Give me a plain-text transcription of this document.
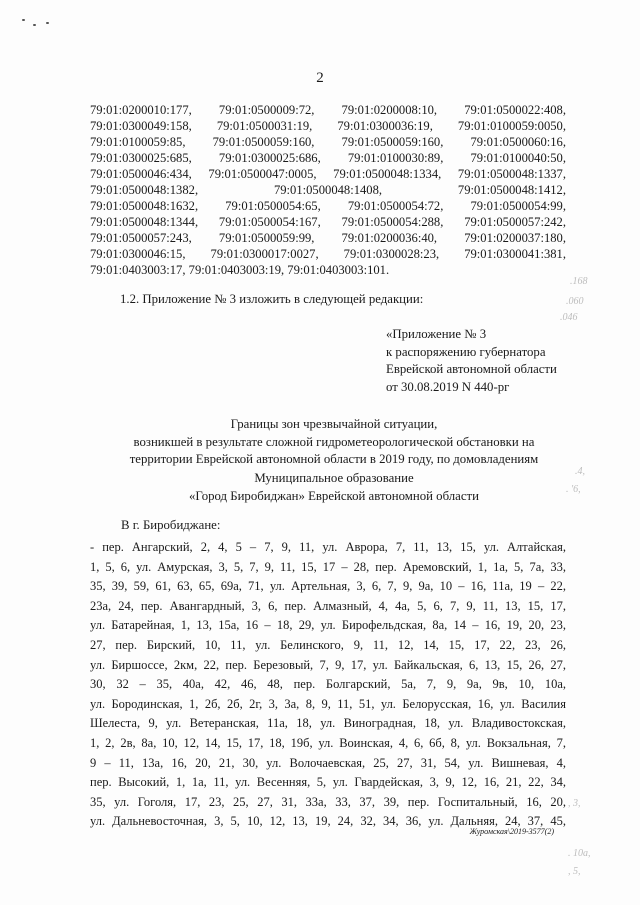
2
79:01:0200010:177, 79:01:0500009:72, 79:01:0200008:10, 79:01:0500022:408,
79:01:0300049:158, 79:01:0500031:19, 79:01:0300036:19, 79:01:0100059:0050,
79:01:0100059:85, 79:01:0500059:160, 79:01:0500059:160, 79:01:0500060:16,
79:01:0300025:685, 79:01:0300025:686, 79:01:0100030:89, 79:01:0100040:50,
79:01:0500046:434, 79:01:0500047:0005, 79:01:0500048:1334, 79:01:0500048:1337,
79:01:0500048:1382, 79:01:0500048:1408, 79:01:0500048:1412,
79:01:0500048:1632, 79:01:0500054:65, 79:01:0500054:72, 79:01:0500054:99,
79:01:0500048:1344, 79:01:0500054:167, 79:01:0500054:288, 79:01:0500057:242,
79:01:0500057:243, 79:01:0500059:99, 79:01:0200036:40, 79:01:0200037:180,
79:01:0300046:15, 79:01:0300017:0027, 79:01:0300028:23, 79:01:0300041:381,
79:01:0403003:17, 79:01:0403003:19, 79:01:0403003:101.
1.2. Приложение № 3 изложить в следующей редакции:
«Приложение № 3
к распоряжению губернатора
Еврейской автономной области
от 30.08.2019 N 440-рг
Границы зон чрезвычайной ситуации,
возникшей в результате сложной гидрометеорологической обстановки на
территории Еврейской автономной области в 2019 году, по домовладениям
Муниципальное образование
«Город Биробиджан» Еврейской автономной области
В г. Биробиджане:
- пер. Ангарский, 2, 4, 5 – 7, 9, 11, ул. Аврора, 7, 11, 13, 15, ул. Алтайская,
1, 5, 6, ул. Амурская, 3, 5, 7, 9, 11, 15, 17 – 28, пер. Аремовский, 1, 1а, 5, 7а, 33,
35, 39, 59, 61, 63, 65, 69а, 71, ул. Артельная, 3, 6, 7, 9, 9а, 10 – 16, 11а, 19 – 22,
23а, 24, пер. Авангардный, 3, 6, пер. Алмазный, 4, 4а, 5, 6, 7, 9, 11, 13, 15, 17,
ул. Батарейная, 1, 13, 15а, 16 – 18, 29, ул. Бирофельдская, 8а, 14 – 16, 19, 20, 23,
27, пер. Бирский, 10, 11, ул. Белинского, 9, 11, 12, 14, 15, 17, 22, 23, 26,
ул. Биршоссе, 2км, 22, пер. Березовый, 7, 9, 17, ул. Байкальская, 6, 13, 15, 26, 27,
30, 32 – 35, 40а, 42, 46, 48, пер. Болгарский, 5а, 7, 9, 9а, 9в, 10, 10а,
ул. Бородинская, 1, 2б, 2б, 2г, 3, 3а, 8, 9, 11, 51, ул. Белорусская, 16, ул. Василия
Шелеста, 9, ул. Ветеранская, 11а, 18, ул. Виноградная, 18, ул. Владивостокская,
1, 2, 2в, 8а, 10, 12, 14, 15, 17, 18, 19б, ул. Воинская, 4, 6, 6б, 8, ул. Вокзальная, 7,
9 – 11, 13а, 16, 20, 21, 30, ул. Волочаевская, 25, 27, 31, 54, ул. Вишневая, 4,
пер. Высокий, 1, 1а, 11, ул. Весенняя, 5, ул. Гвардейская, 3, 9, 12, 16, 21, 22, 34,
35, ул. Гоголя, 17, 23, 25, 27, 31, 33а, 33, 37, 39, пер. Госпитальный, 16, 20,
ул. Дальневосточная, 3, 5, 10, 12, 13, 19, 24, 32, 34, 36, ул. Дальняя, 24, 37, 45,
Журомская\2019-3577(2)
.168
.060
.046
.4,
. '6,
, 3,
. 10а,
, 5,
